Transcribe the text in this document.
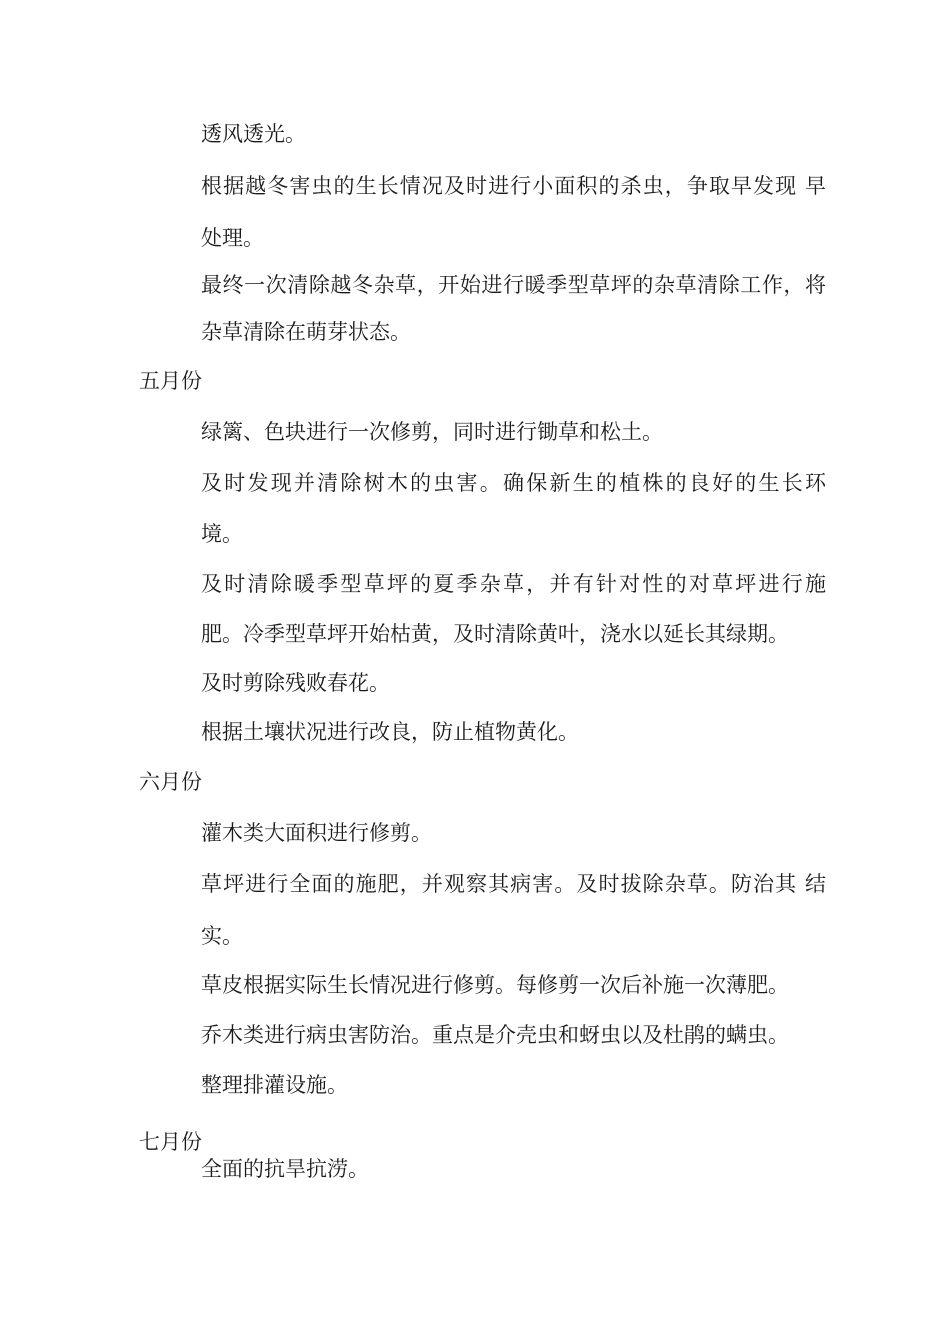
透风透光。
根据越冬害虫的生长情况及时进行小面积的杀虫，争取早发现 早
处理。
最终一次清除越冬杂草，开始进行暖季型草坪的杂草清除工作，将
杂草清除在萌芽状态。
五月份
绿篱、色块进行一次修剪，同时进行锄草和松土。
及时发现并清除树木的虫害。确保新生的植株的良好的生长环
境。
及时清除暖季型草坪的夏季杂草，并有针对性的对草坪进行施
肥。冷季型草坪开始枯黄，及时清除黄叶，浇水以延长其绿期。
及时剪除残败春花。
根据土壤状况进行改良，防止植物黄化。
六月份
灌木类大面积进行修剪。
草坪进行全面的施肥，并观察其病害。及时拔除杂草。防治其 结
实。
草皮根据实际生长情况进行修剪。每修剪一次后补施一次薄肥。
乔木类进行病虫害防治。重点是介壳虫和蚜虫以及杜鹃的螨虫。
整理排灌设施。
七月份
全面的抗旱抗涝。
